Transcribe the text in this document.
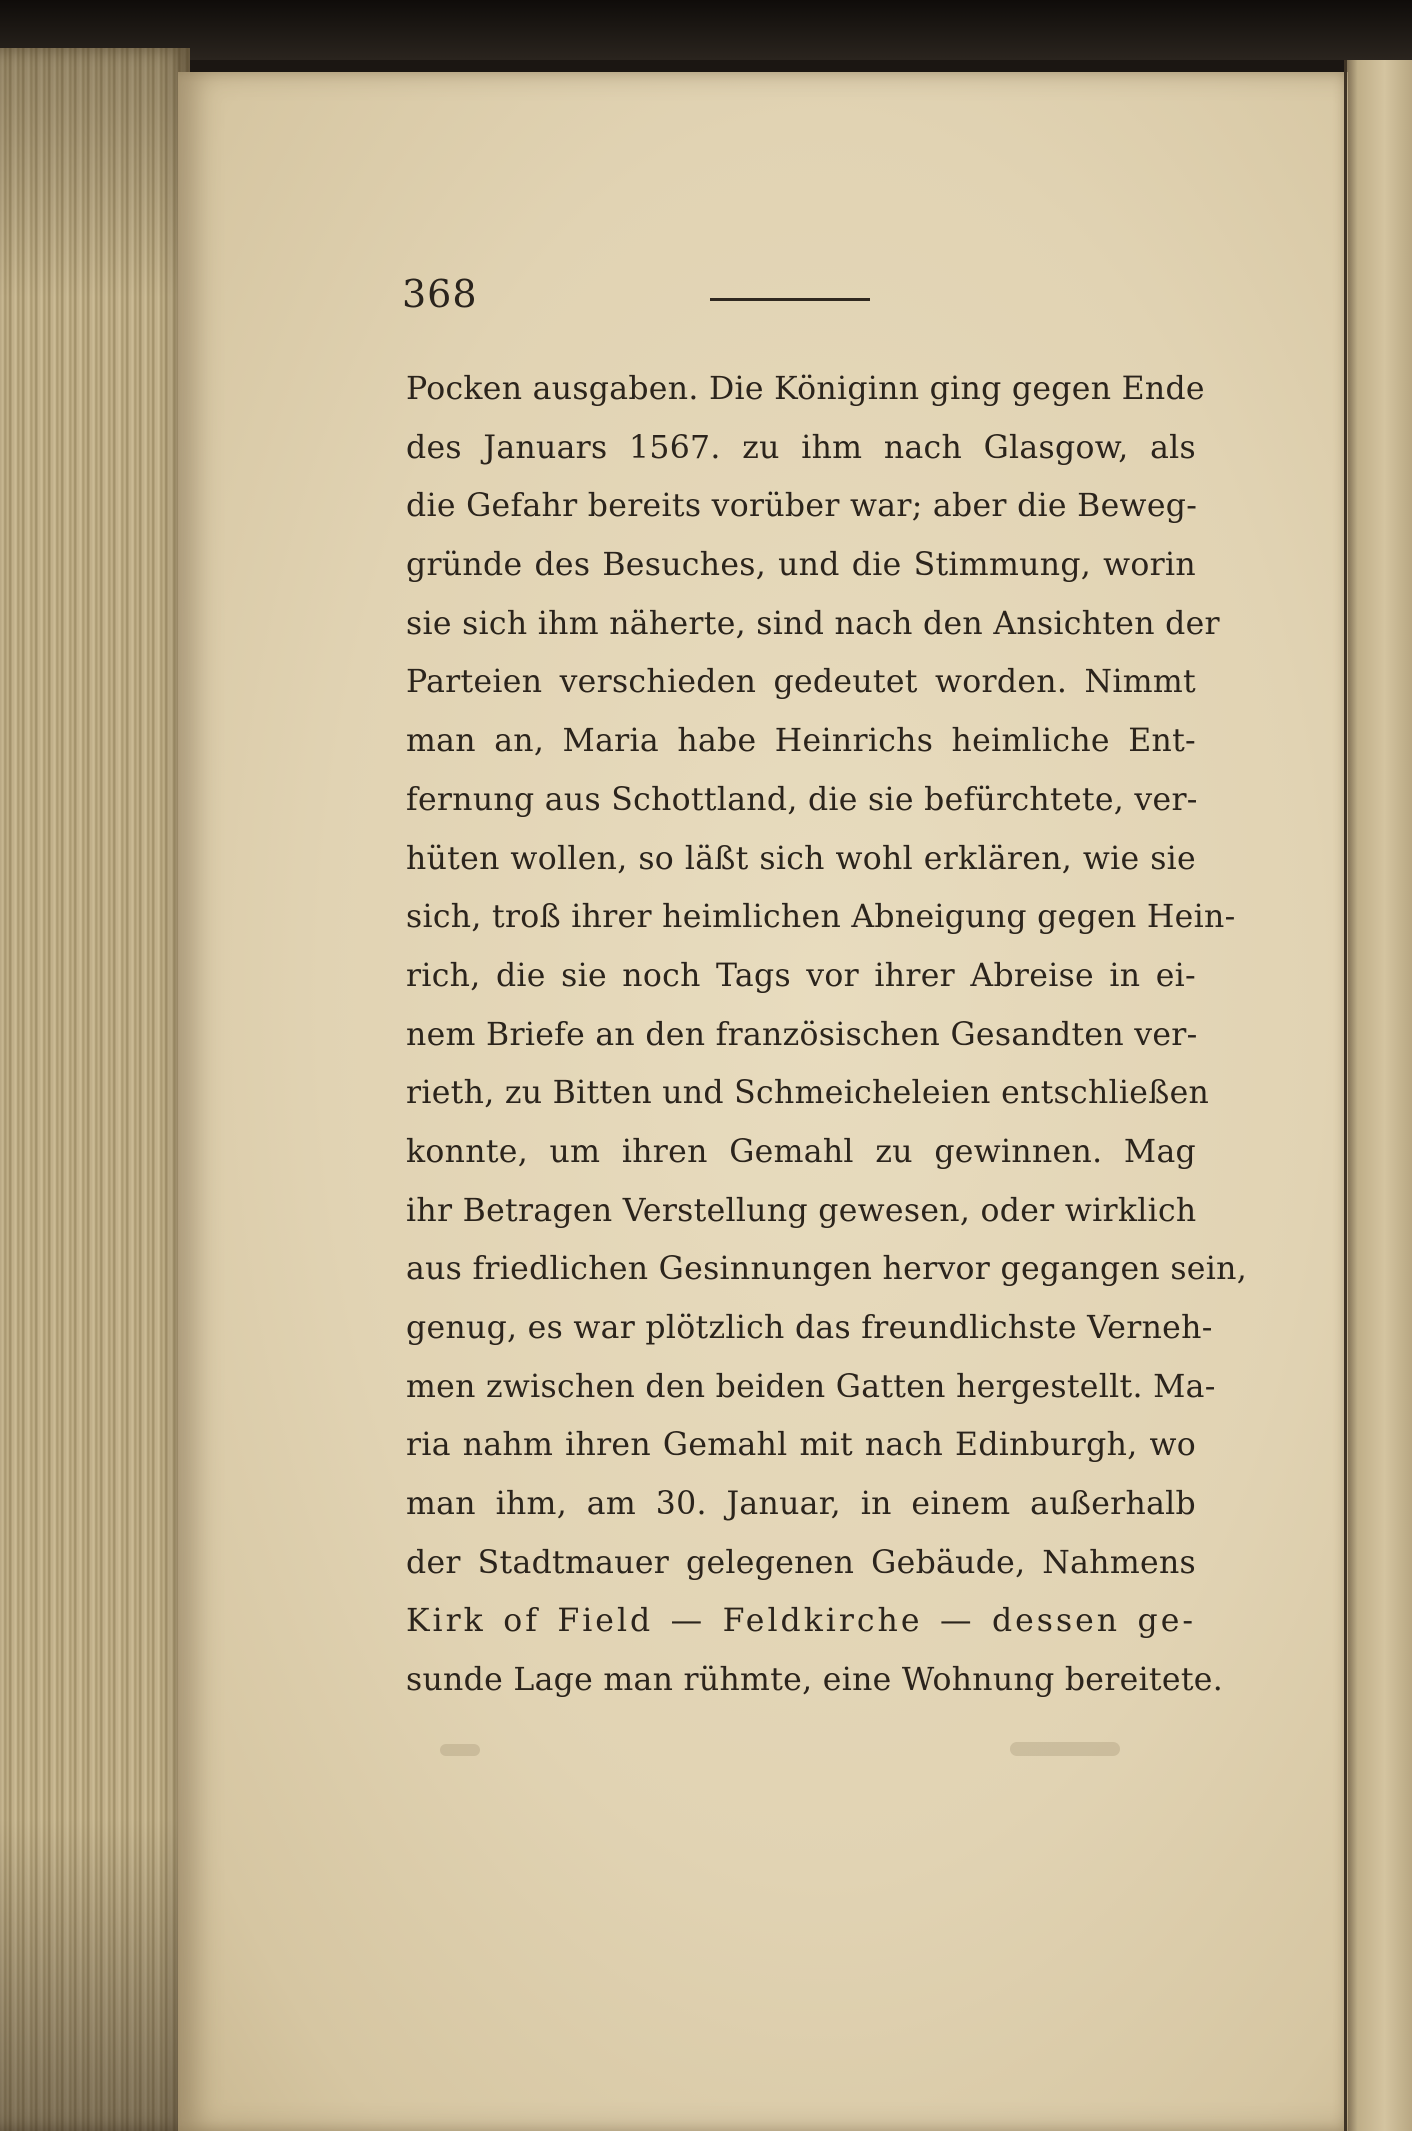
368
Pocken ausgaben. Die Königinn ging gegen Ende
des Januars 1567. zu ihm nach Glasgow, als
die Gefahr bereits vorüber war; aber die Beweg-
gründe des Besuches, und die Stimmung, worin
sie sich ihm näherte, sind nach den Ansichten der
Parteien verschieden gedeutet worden. Nimmt
man an, Maria habe Heinrichs heimliche Ent-
fernung aus Schottland, die sie befürchtete, ver-
hüten wollen, so läßt sich wohl erklären, wie sie
sich, troß ihrer heimlichen Abneigung gegen Hein-
rich, die sie noch Tags vor ihrer Abreise in ei-
nem Briefe an den französischen Gesandten ver-
rieth, zu Bitten und Schmeicheleien entschließen
konnte, um ihren Gemahl zu gewinnen. Mag
ihr Betragen Verstellung gewesen, oder wirklich
aus friedlichen Gesinnungen hervor gegangen sein,
genug, es war plötzlich das freundlichste Verneh-
men zwischen den beiden Gatten hergestellt. Ma-
ria nahm ihren Gemahl mit nach Edinburgh, wo
man ihm, am 30. Januar, in einem außerhalb
der Stadtmauer gelegenen Gebäude, Nahmens
Kirk of Field — Feldkirche — dessen ge-
sunde Lage man rühmte, eine Wohnung bereitete.
